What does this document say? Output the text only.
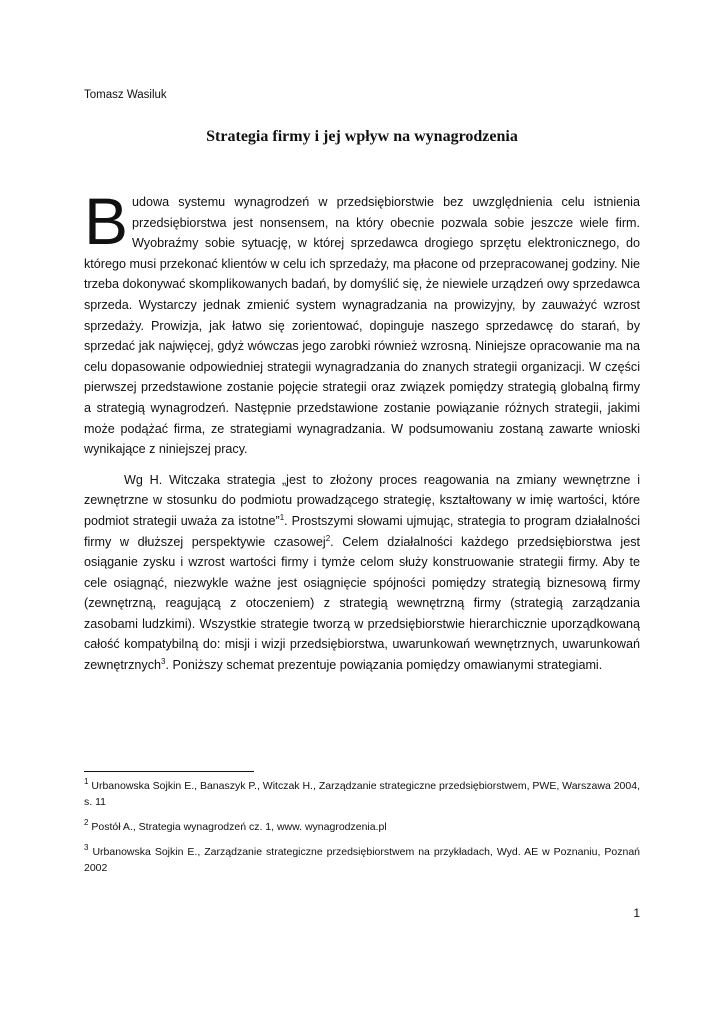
Tomasz Wasiluk
Strategia firmy i jej wpływ na wynagrodzenia

Budowa systemu wynagrodzeń w przedsiębiorstwie bez uwzględnienia celu istnienia przedsiębiorstwa jest nonsensem, na który obecnie pozwala sobie jeszcze wiele firm. Wyobraźmy sobie sytuację, w której sprzedawca drogiego sprzętu elektronicznego, do którego musi przekonać klientów w celu ich sprzedaży, ma płacone od przepracowanej godziny. Nie trzeba dokonywać skomplikowanych badań, by domyślić się, że niewiele urządzeń owy sprzedawca sprzeda. Wystarczy jednak zmienić system wynagradzania na prowizyjny, by zauważyć wzrost sprzedaży. Prowizja, jak łatwo się zorientować, dopinguje naszego sprzedawcę do starań, by sprzedać jak najwięcej, gdyż wówczas jego zarobki również wzrosną. Niniejsze opracowanie ma na celu dopasowanie odpowiedniej strategii wynagradzania do znanych strategii organizacji. W części pierwszej przedstawione zostanie pojęcie strategii oraz związek pomiędzy strategią globalną firmy a strategią wynagrodzeń. Następnie przedstawione zostanie powiązanie różnych strategii, jakimi może podążać firma, ze strategiami wynagradzania. W podsumowaniu zostaną zawarte wnioski wynikające z niniejszej pracy.

Wg H. Witczaka strategia „jest to złożony proces reagowania na zmiany wewnętrzne i zewnętrzne w stosunku do podmiotu prowadzącego strategię, kształtowany w imię wartości, które podmiot strategii uważa za istotne”$^1$. Prostszymi słowami ujmując, strategia to program działalności firmy w dłuższej perspektywie czasowej$^2$. Celem działalności każdego przedsiębiorstwa jest osiąganie zysku i wzrost wartości firmy i tymże celom służy konstruowanie strategii firmy. Aby te cele osiągnąć, niezwykle ważne jest osiągnięcie spójności pomiędzy strategią biznesową firmy (zewnętrzną, reagującą z otoczeniem) z strategią wewnętrzną firmy (strategią zarządzania zasobami ludzkimi). Wszystkie strategie tworzą w przedsiębiorstwie hierarchicznie uporządkowaną całość kompatybilną do: misji i wizji przedsiębiorstwa, uwarunkowań wewnętrznych, uwarunkowań zewnętrznych$^3$. Poniższy schemat prezentuje powiązania pomiędzy omawianymi strategiami.

$^1$ Urbanowska Sojkin E., Banaszyk P., Witczak H., Zarządzanie strategiczne przedsiębiorstwem, PWE, Warszawa 2004, s. 11

$^2$ Postół A., Strategia wynagrodzeń cz. 1, www. wynagrodzenia.pl

$^3$ Urbanowska Sojkin E., Zarządzanie strategiczne przedsiębiorstwem na przykładach, Wyd. AE w Poznaniu, Poznań 2002

1
